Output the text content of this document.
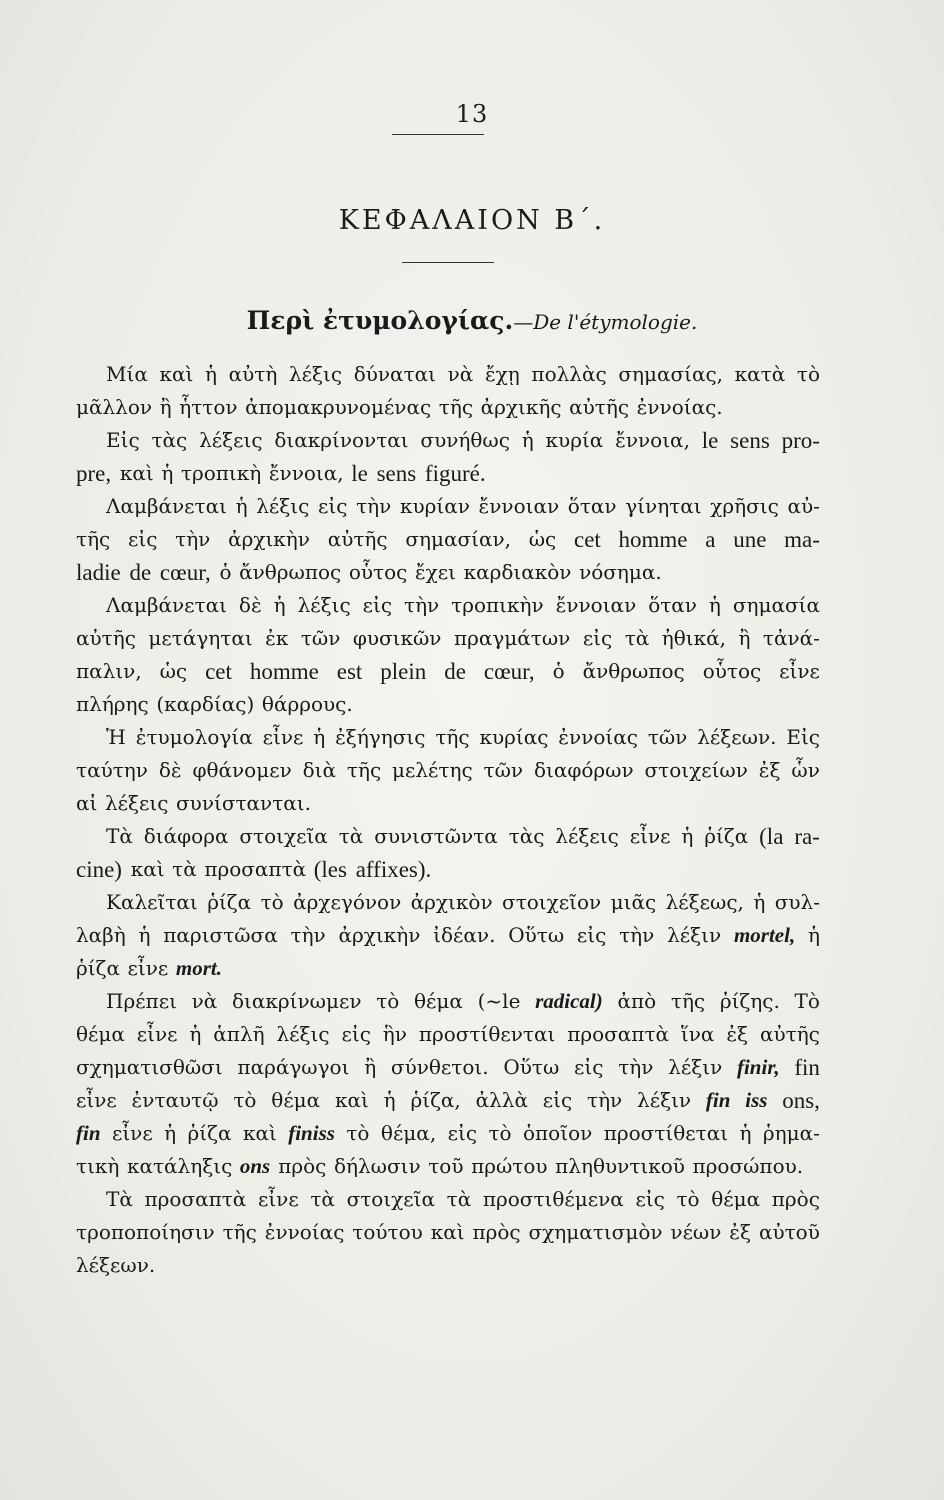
13
ΚΕΦΑΛΑΙΟΝ Β΄.
Περὶ ἐτυμολογίας.—De l'étymologie.
Μία καὶ ἡ αὐτὴ λέξις δύναται νὰ ἔχῃ πολλὰς σημασίας, κατὰ τὸ
μᾶλλον ἢ ἧττον ἀπομακρυνομένας τῆς ἀρχικῆς αὐτῆς ἐννοίας.
Εἰς τὰς λέξεις διακρίνονται συνήθως ἡ κυρία ἔννοια, le sens pro-
pre, καὶ ἡ τροπικὴ ἔννοια, le sens figuré.
Λαμβάνεται ἡ λέξις εἰς τὴν κυρίαν ἔννοιαν ὅταν γίνηται χρῆσις αὐ-
τῆς εἰς τὴν ἀρχικὴν αὐτῆς σημασίαν, ὡς cet homme a une ma-
ladie de cœur, ὁ ἄνθρωπος οὗτος ἔχει καρδιακὸν νόσημα.
Λαμβάνεται δὲ ἡ λέξις εἰς τὴν τροπικὴν ἔννοιαν ὅταν ἡ σημασία
αὐτῆς μετάγηται ἐκ τῶν φυσικῶν πραγμάτων εἰς τὰ ἠθικά, ἢ τἀνά-
παλιν, ὡς cet homme est plein de cœur, ὁ ἄνθρωπος οὗτος εἶνε
πλήρης (καρδίας) θάρρους.
Ἡ ἐτυμολογία εἶνε ἡ ἐξήγησις τῆς κυρίας ἐννοίας τῶν λέξεων. Εἰς
ταύτην δὲ φθάνομεν διὰ τῆς μελέτης τῶν διαφόρων στοιχείων ἐξ ὧν
αἱ λέξεις συνίστανται.
Τὰ διάφορα στοιχεῖα τὰ συνιστῶντα τὰς λέξεις εἶνε ἡ ῥίζα (la ra-
cine) καὶ τὰ προσαπτὰ (les affixes).
Καλεῖται ῥίζα τὸ ἀρχεγόνον ἀρχικὸν στοιχεῖον μιᾶς λέξεως, ἡ συλ-
λαβὴ ἡ παριστῶσα τὴν ἀρχικὴν ἰδέαν. Οὕτω εἰς τὴν λέξιν mortel, ἡ
ῥίζα εἶνε mort.
Πρέπει νὰ διακρίνωμεν τὸ θέμα (~le radical) ἀπὸ τῆς ῥίζης. Τὸ
θέμα εἶνε ἡ ἁπλῆ λέξις εἰς ἣν προστίθενται προσαπτὰ ἵνα ἐξ αὐτῆς
σχηματισθῶσι παράγωγοι ἢ σύνθετοι. Οὕτω εἰς τὴν λέξιν finir, fin
εἶνε ἐνταυτῷ τὸ θέμα καὶ ἡ ῥίζα, ἀλλὰ εἰς τὴν λέξιν fin iss ons,
fin εἶνε ἡ ῥίζα καὶ finiss τὸ θέμα, εἰς τὸ ὁποῖον προστίθεται ἡ ῥημα-
τικὴ κατάληξις ons πρὸς δήλωσιν τοῦ πρώτου πληθυντικοῦ προσώπου.
Τὰ προσαπτὰ εἶνε τὰ στοιχεῖα τὰ προστιθέμενα εἰς τὸ θέμα πρὸς
τροποποίησιν τῆς ἐννοίας τούτου καὶ πρὸς σχηματισμὸν νέων ἐξ αὐτοῦ
λέξεων.
